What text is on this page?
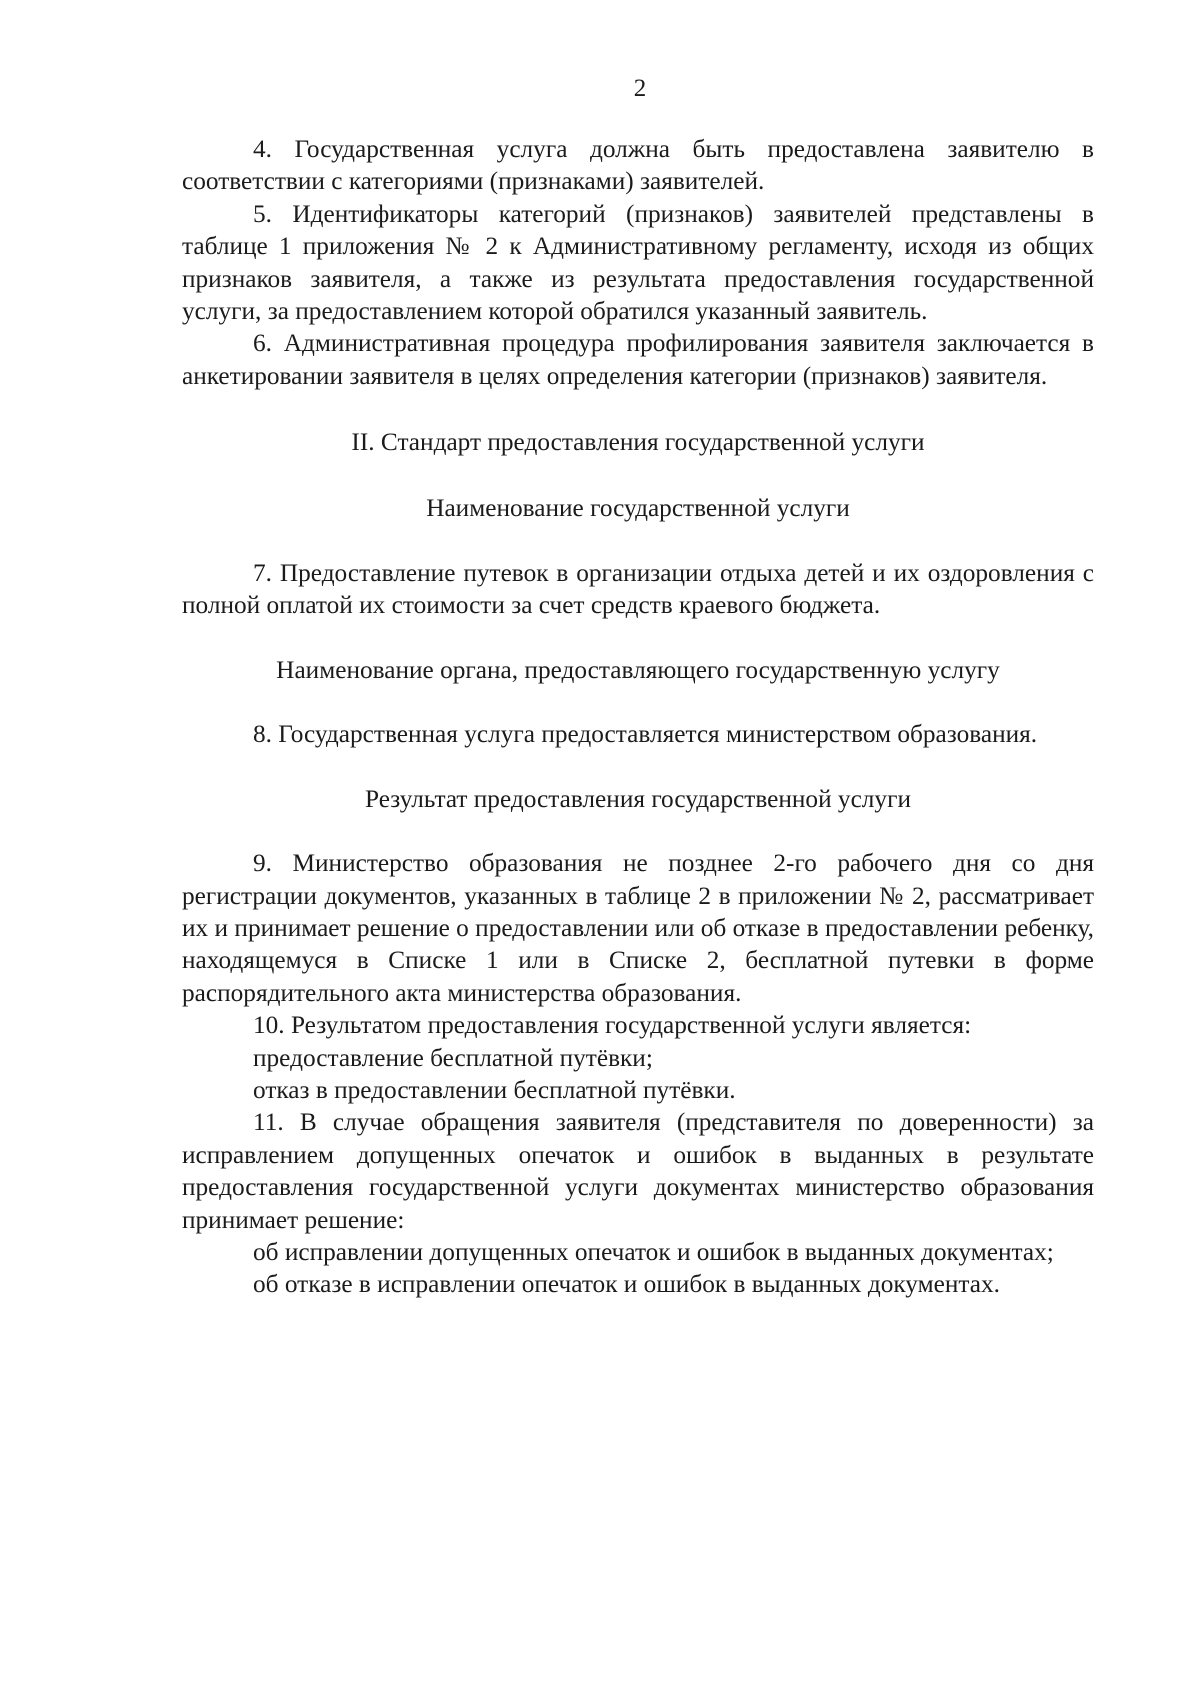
2

4. Государственная услуга должна быть предоставлена заявителю в соответствии с категориями (признаками) заявителей.

5. Идентификаторы категорий (признаков) заявителей представлены в таблице 1 приложения № 2 к Административному регламенту, исходя из общих признаков заявителя, а также из результата предоставления государственной услуги, за предоставлением которой обратился указанный заявитель.

6. Административная процедура профилирования заявителя заключается в анкетировании заявителя в целях определения категории (признаков) заявителя.

II. Стандарт предоставления государственной услуги

Наименование государственной услуги

7. Предоставление путевок в организации отдыха детей и их оздоровления с полной оплатой их стоимости за счет средств краевого бюджета.

Наименование органа, предоставляющего государственную услугу

8. Государственная услуга предоставляется министерством образования.

Результат предоставления государственной услуги

9. Министерство образования не позднее 2-го рабочего дня со дня регистрации документов, указанных в таблице 2 в приложении № 2, рассматривает их и принимает решение о предоставлении или об отказе в предоставлении ребенку, находящемуся в Списке 1 или в Списке 2, бесплатной путевки в форме распорядительного акта министерства образования.

10. Результатом предоставления государственной услуги является:

предоставление бесплатной путёвки;

отказ в предоставлении бесплатной путёвки.

11. В случае обращения заявителя (представителя по доверенности) за исправлением допущенных опечаток и ошибок в выданных в результате предоставления государственной услуги документах министерство образования принимает решение:

об исправлении допущенных опечаток и ошибок в выданных документах;

об отказе в исправлении опечаток и ошибок в выданных документах.
